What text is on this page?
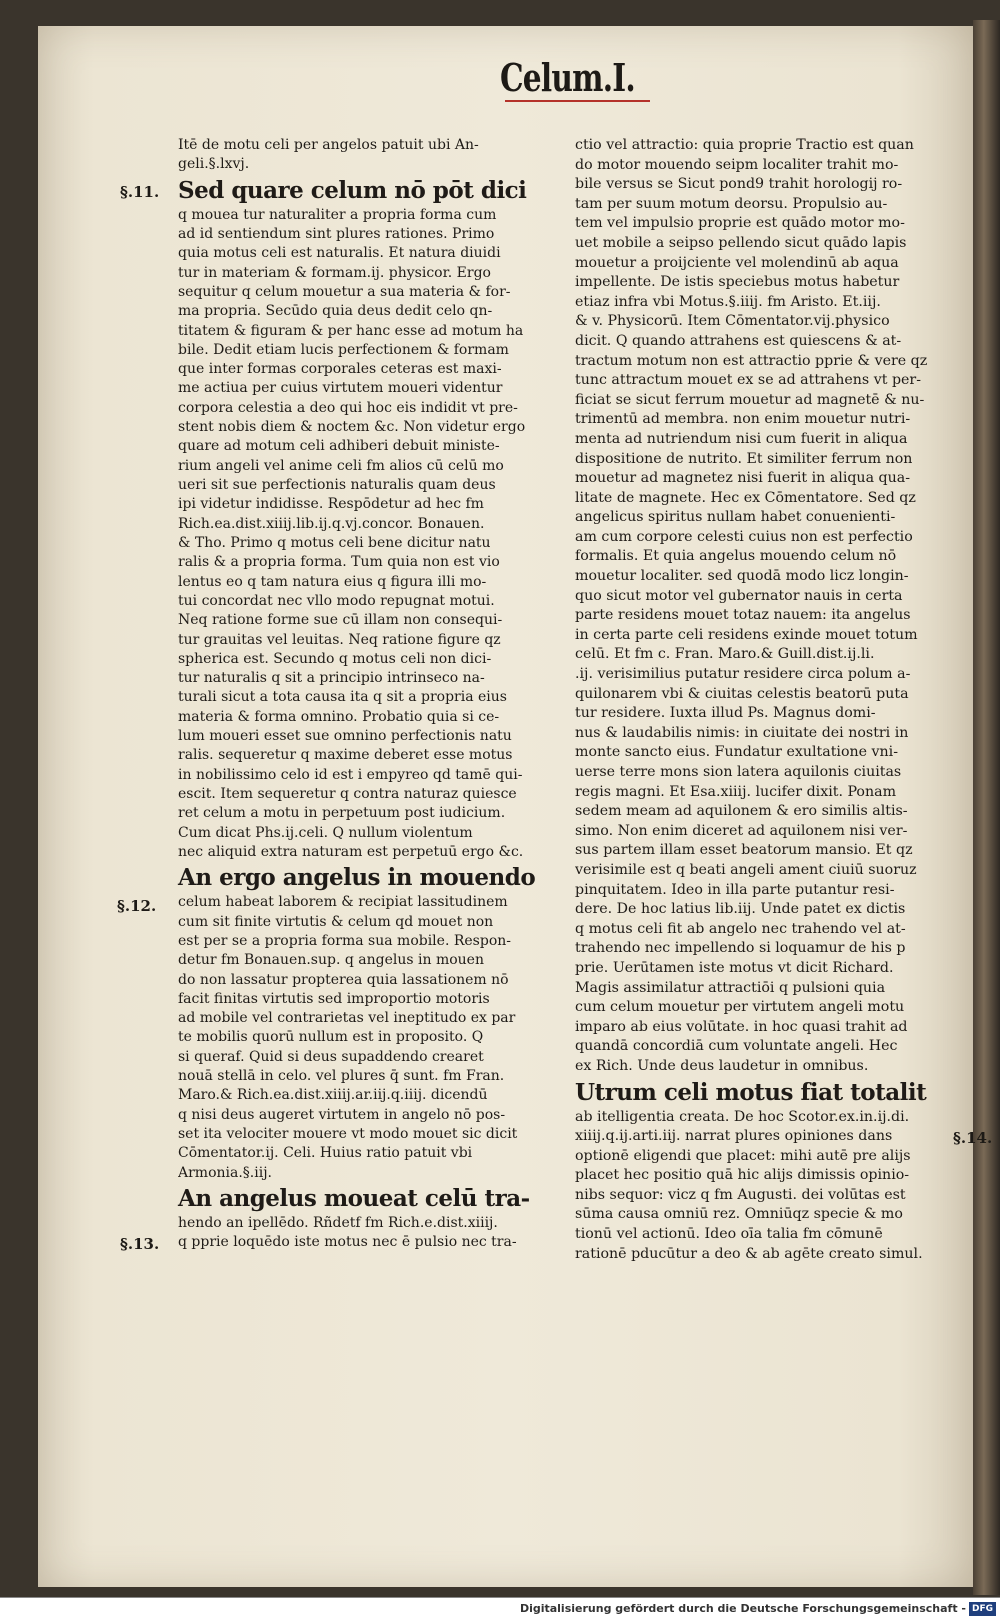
Celum.I.
§.11.
§.12.
§.13.
§.14.

Itē de motu celi per angelos patuit ubi An-
geli.§.lxvj.

Sed quare celum nō pōt dici

q mouea tur naturaliter a propria forma cum
ad id sentiendum sint plures rationes. Primo
quia motus celi est naturalis. Et natura diuidi
tur in materiam & formam.ij. physicor. Ergo
sequitur q celum mouetur a sua materia & for-
ma propria. Secūdo quia deus dedit celo qn-
titatem & figuram & per hanc esse ad motum ha
bile. Dedit etiam lucis perfectionem & formam
que inter formas corporales ceteras est maxi-
me actiua per cuius virtutem moueri videntur
corpora celestia a deo qui hoc eis indidit vt pre-
stent nobis diem & noctem &c. Non videtur ergo
quare ad motum celi adhiberi debuit ministe-
rium angeli vel anime celi fm alios cū celū mo
ueri sit sue perfectionis naturalis quam deus
ipi videtur indidisse. Respōdetur ad hec fm
Rich.ea.dist.xiiij.lib.ij.q.vj.concor. Bonauen.
& Tho. Primo q motus celi bene dicitur natu
ralis & a propria forma. Tum quia non est vio
lentus eo q tam natura eius q figura illi mo-
tui concordat nec vllo modo repugnat motui.
Neq ratione forme sue cū illam non consequi-
tur grauitas vel leuitas. Neq ratione figure qz
spherica est. Secundo q motus celi non dici-
tur naturalis q sit a principio intrinseco na-
turali sicut a tota causa ita q sit a propria eius
materia & forma omnino. Probatio quia si ce-
lum moueri esset sue omnino perfectionis natu
ralis. sequeretur q maxime deberet esse motus
in nobilissimo celo id est i empyreo qd tamē qui-
escit. Item sequeretur q contra naturaz quiesce
ret celum a motu in perpetuum post iudicium.
Cum dicat Phs.ij.celi. Q nullum violentum
nec aliquid extra naturam est perpetuū ergo &c.

An ergo angelus in mouendo

celum habeat laborem & recipiat lassitudinem
cum sit finite virtutis & celum qd mouet non
est per se a propria forma sua mobile. Respon-
detur fm Bonauen.sup. q angelus in mouen
do non lassatur propterea quia lassationem nō
facit finitas virtutis sed improportio motoris
ad mobile vel contrarietas vel ineptitudo ex par
te mobilis quorū nullum est in proposito. Q
si queraf. Quid si deus supaddendo crearet
nouā stellā in celo. vel plures q̄ sunt. fm Fran.
Maro.& Rich.ea.dist.xiiij.ar.iij.q.iiij. dicendū
q nisi deus augeret virtutem in angelo nō pos-
set ita velociter mouere vt modo mouet sic dicit
Cōmentator.ij. Celi. Huius ratio patuit vbi
Armonia.§.iij.

An angelus moueat celū tra-

hendo an ipellēdo. Rñdetf fm Rich.e.dist.xiiij.
q pprie loquēdo iste motus nec ē pulsio nec tra-

ctio vel attractio: quia proprie Tractio est quan
do motor mouendo seipm localiter trahit mo-
bile versus se Sicut pond9 trahit horologij ro-
tam per suum motum deorsu. Propulsio au-
tem vel impulsio proprie est quādo motor mo-
uet mobile a seipso pellendo sicut quādo lapis
mouetur a proijciente vel molendinū ab aqua
impellente. De istis speciebus motus habetur
etiaz infra vbi Motus.§.iiij. fm Aristo. Et.iij.
& v. Physicorū. Item Cōmentator.vij.physico
dicit. Q quando attrahens est quiescens & at-
tractum motum non est attractio pprie & vere qz
tunc attractum mouet ex se ad attrahens vt per-
ficiat se sicut ferrum mouetur ad magnetē & nu-
trimentū ad membra. non enim mouetur nutri-
menta ad nutriendum nisi cum fuerit in aliqua
dispositione de nutrito. Et similiter ferrum non
mouetur ad magnetez nisi fuerit in aliqua qua-
litate de magnete. Hec ex Cōmentatore. Sed qz
angelicus spiritus nullam habet conuenienti-
am cum corpore celesti cuius non est perfectio
formalis. Et quia angelus mouendo celum nō
mouetur localiter. sed quodā modo licz longin-
quo sicut motor vel gubernator nauis in certa
parte residens mouet totaz nauem: ita angelus
in certa parte celi residens exinde mouet totum
celū. Et fm c. Fran. Maro.& Guill.dist.ij.li.
.ij. verisimilius putatur residere circa polum a-
quilonarem vbi & ciuitas celestis beatorū puta
tur residere. Iuxta illud Ps. Magnus domi-
nus & laudabilis nimis: in ciuitate dei nostri in
monte sancto eius. Fundatur exultatione vni-
uerse terre mons sion latera aquilonis ciuitas
regis magni. Et Esa.xiiij. lucifer dixit. Ponam
sedem meam ad aquilonem & ero similis altis-
simo. Non enim diceret ad aquilonem nisi ver-
sus partem illam esset beatorum mansio. Et qz
verisimile est q beati angeli ament ciuiū suoruz
pinquitatem. Ideo in illa parte putantur resi-
dere. De hoc latius lib.iij. Unde patet ex dictis
q motus celi fit ab angelo nec trahendo vel at-
trahendo nec impellendo si loquamur de his p
prie. Uerūtamen iste motus vt dicit Richard.
Magis assimilatur attractiōi q pulsioni quia
cum celum mouetur per virtutem angeli motu
imparo ab eius volūtate. in hoc quasi trahit ad
quandā concordiā cum voluntate angeli. Hec
ex Rich. Unde deus laudetur in omnibus.

Utrum celi motus fiat totalit

ab itelligentia creata. De hoc Scotor.ex.in.ij.di.
xiiij.q.ij.arti.iij. narrat plures opiniones dans
optionē eligendi que placet: mihi autē pre alijs
placet hec positio quā hic alijs dimissis opinio-
nibs sequor: vicz q fm Augusti. dei volūtas est
sūma causa omniū rez. Omniūqz specie & mo
tionū vel actionū. Ideo oīa talia fm cōmunē
rationē pducūtur a deo & ab agēte creato simul.

Digitalisierung gefördert durch die Deutsche Forschungsgemeinschaft - DFG
